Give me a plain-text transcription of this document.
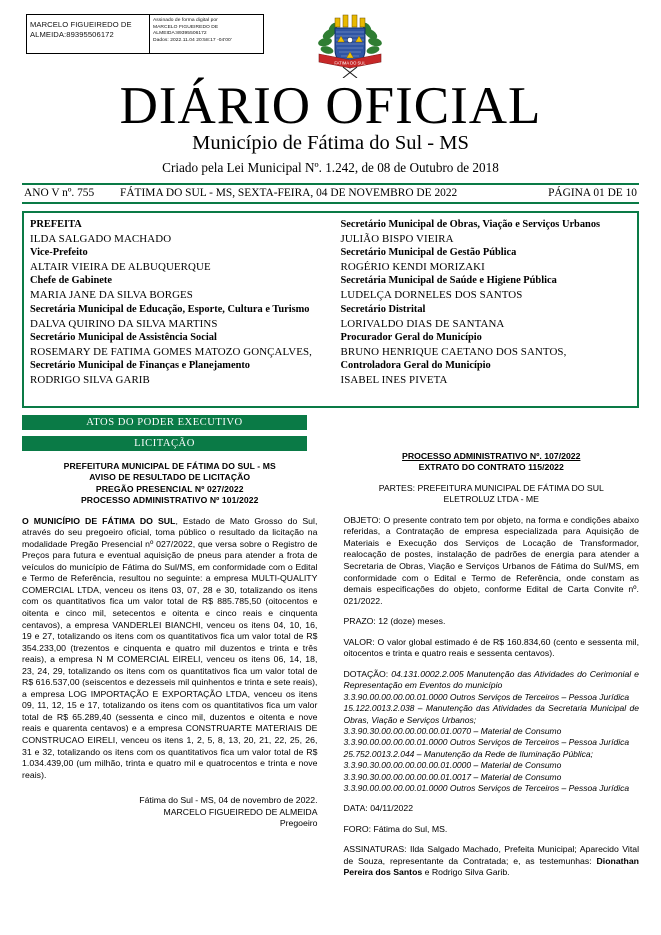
MARCELO FIGUEIREDO DE ALMEIDA:89395506172
Assinado de forma digital por
MARCELO FIGUEIREDO DE
ALMEIDA:89395506172
Dados: 2022.11.04 20:58:17 -04'00'
FATIMA DO SUL
DIÁRIO OFICIAL
Município de Fátima do Sul - MS
Criado pela Lei Municipal Nº. 1.242, de 08 de Outubro de 2018
ANO V nº. 755	FÁTIMA DO SUL - MS, SEXTA-FEIRA, 04 DE NOVEMBRO DE 2022	PÁGINA 01 DE 10
PREFEITA
ILDA SALGADO MACHADO
Vice-Prefeito
ALTAIR VIEIRA DE ALBUQUERQUE
Chefe de Gabinete
MARIA JANE DA SILVA BORGES
Secretária Municipal de Educação, Esporte, Cultura e Turismo
DALVA QUIRINO DA SILVA MARTINS
Secretário Municipal de Assistência Social
ROSEMARY DE FATIMA GOMES MATOZO GONÇALVES,
Secretário Municipal de Finanças e Planejamento
RODRIGO SILVA GARIB
Secretário Municipal de Obras, Viação e Serviços Urbanos
JULIÃO BISPO VIEIRA
Secretário Municipal de Gestão Pública
ROGÉRIO KENDI MORIZAKI
Secretária Municipal de Saúde e Higiene Pública
LUDELÇA DORNELES DOS SANTOS
Secretário Distrital
LORIVALDO DIAS DE SANTANA
Procurador Geral do Município
BRUNO HENRIQUE CAETANO DOS SANTOS,
Controladora Geral do Município
ISABEL INES PIVETA
ATOS DO PODER EXECUTIVO
LICITAÇÃO
PREFEITURA MUNICIPAL DE FÁTIMA DO SUL - MS
AVISO DE RESULTADO DE LICITAÇÃO
PREGÃO PRESENCIAL Nº 027/2022
PROCESSO ADMINISTRATIVO Nº 101/2022
O MUNICÍPIO DE FÁTIMA DO SUL, Estado de Mato Grosso do Sul, através do seu pregoeiro oficial, toma público o resultado da licitação na modalidade Pregão Presencial nº 027/2022, que versa sobre o Registro de Preços para futura e eventual aquisição de pneus para atender a frota de veículos do município de Fátima do Sul/MS, em conformidade com o Edital e Termo de Referência, resultou no seguinte: a empresa MULTI-QUALITY COMERCIAL LTDA, venceu os itens 03, 07, 28 e 30, totalizando os itens com os quantitativos fica um valor total de R$ 885.785,50 (oitocentos e oitenta e cinco mil, setecentos e oitenta e cinco reais e cinquenta centavos), a empresa VANDERLEI BIANCHI, venceu os itens 04, 10, 16, 19 e 27, totalizando os itens com os quantitativos fica um valor total de R$ 354.233,00 (trezentos e cinquenta e quatro mil duzentos e trinta e três reais), a empresa N M COMERCIAL EIRELI, venceu os itens 06, 14, 18, 23, 24, 29, totalizando os itens com os quantitativos fica um valor total de R$ 616.537,00 (seiscentos e dezesseis mil quinhentos e trinta e sete reais), a empresa LOG IMPORTAÇÃO E EXPORTAÇÃO LTDA, venceu os itens 09, 11, 12, 15 e 17, totalizando os itens com os quantitativos fica um valor total de R$ 65.289,40 (sessenta e cinco mil, duzentos e oitenta e nove reais e quarenta centavos) e a empresa CONSTRUARTE MATERIAIS DE CONSTRUCAO EIRELI, venceu os itens 1, 2, 5, 8, 13, 20, 21, 22, 25, 26, 31 e 32, totalizando os itens com os quantitativos fica um valor total de R$ 1.034.439,00 (um milhão, trinta e quatro mil e quatrocentos e trinta e nove reais).
Fátima do Sul - MS, 04 de novembro de 2022.
MARCELO FIGUEIREDO DE ALMEIDA
Pregoeiro
PROCESSO ADMINISTRATIVO Nº. 107/2022
EXTRATO DO CONTRATO 115/2022
PARTES: PREFEITURA MUNICIPAL DE FÁTIMA DO SUL
ELETROLUZ LTDA - ME
OBJETO: O presente contrato tem por objeto, na forma e condições abaixo referidas, a Contratação de empresa especializada para Aquisição de Materiais e Execução dos Serviços de Locação de Transformador, realocação de postes, instalação de padrões de energia para atender a Secretaria de Obras, Viação e Serviços Urbanos de Fátima do Sul/MS, em conformidade com o Edital e Termo de Referência, onde constam as demais especificações do objeto, conforme Edital de Carta Convite nº. 021/2022.
PRAZO: 12 (doze) meses.
VALOR: O valor global estimado é de R$ 160.834,60 (cento e sessenta mil, oitocentos e trinta e quatro reais e sessenta centavos).
DOTAÇÃO: 04.131.0002.2.005 Manutenção das Atividades do Cerimonial e Representação em Eventos do município
3.3.90.00.00.00.00.01.0000 Outros Serviços de Terceiros – Pessoa Jurídica
15.122.0013.2.038 – Manutenção das Atividades da Secretaria Municipal de Obras, Viação e Serviços Urbanos;
3.3.90.30.00.00.00.00.00.01.0070 – Material de Consumo
3.3.90.00.00.00.00.01.0000 Outros Serviços de Terceiros – Pessoa Jurídica
25.752.0013.2.044 – Manutenção da Rede de Iluminação Pública;
3.3.90.30.00.00.00.00.00.01.0000 – Material de Consumo
3.3.90.30.00.00.00.00.00.01.0017 – Material de Consumo
3.3.90.00.00.00.00.01.0000 Outros Serviços de Terceiros – Pessoa Jurídica
DATA: 04/11/2022
FORO: Fátima do Sul, MS.
ASSINATURAS: Ilda Salgado Machado, Prefeita Municipal; Aparecido Vital de Souza, representante da Contratada; e, as testemunhas: Dionathan Pereira dos Santos e Rodrigo Silva Garib.
